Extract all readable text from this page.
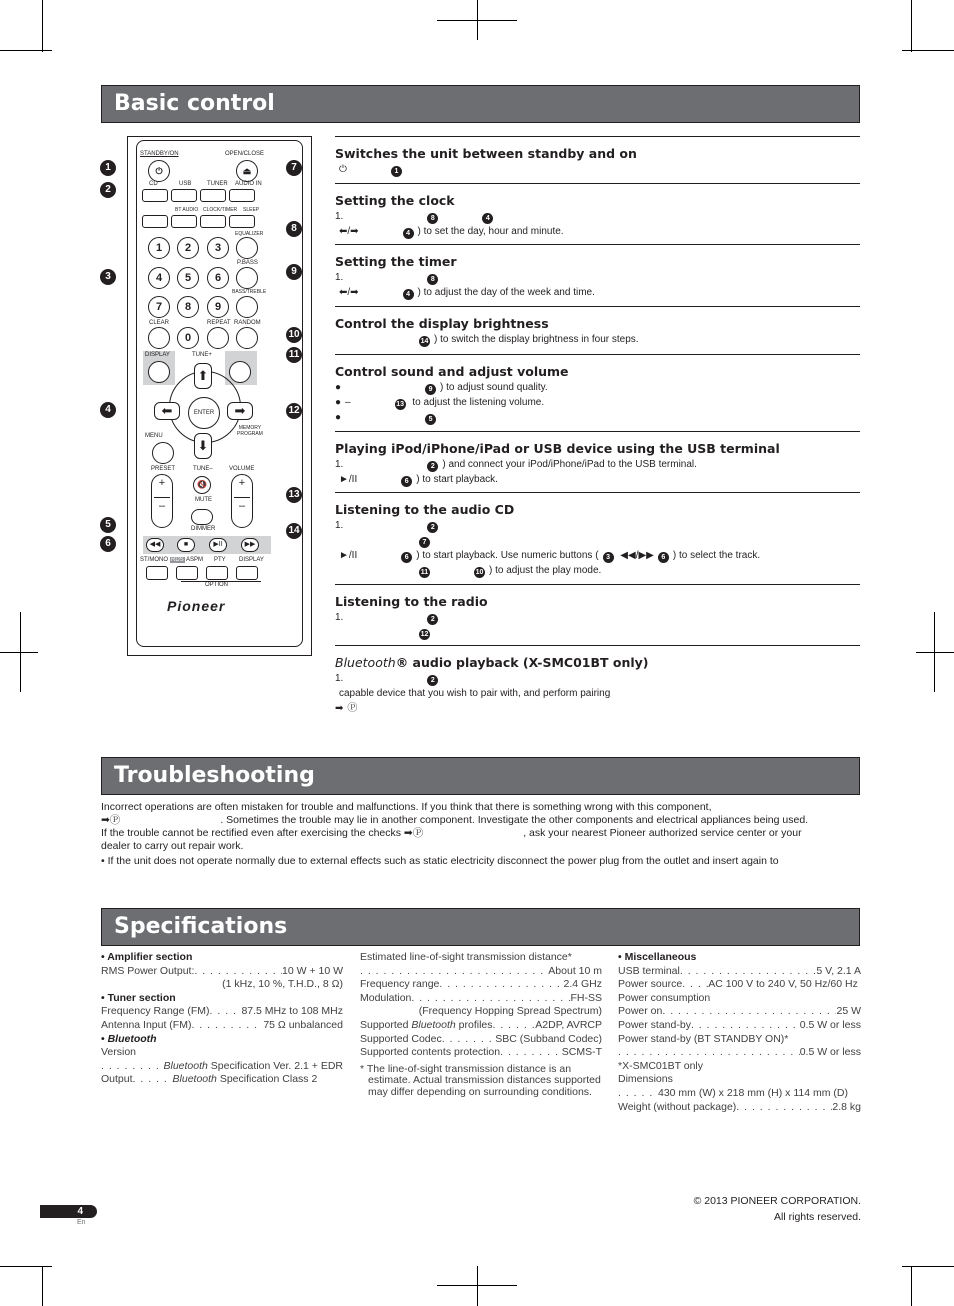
Basic control
STANDBY/ON	OPEN/CLOSE
⏻	⏏
CD	USB	TUNER AUDIO IN
BT AUDIO CLOCK/TIMER SLEEP
EQUALIZER
P.BASS
BASS/TREBLE
1	2	3
4	5	6
7	8	9
CLEAR	REPEAT RANDOM
0
DISPLAY	TUNE+
⬆
⬇
⬅	➡
ENTER
MENU
MEMORY
PROGRAM
PRESET	TUNE–	VOLUME
+
–
+
–
🔇
MUTE
DIMMER
◀◀	■	▶II	▶▶
ST/MONO RDS ASPM PTY DISPLAY
OPTION
Pioneer
1
2
3
4
5
6
7
8
9
10
11
12
13
14
Switches the unit between standby and on

⏻	1

Setting the clock

1.	8	4

⬅/➡	4 ) to set the day, hour and minute.

Setting the timer

1.	8

⬅/➡	4 ) to adjust the day of the week and time.

Control the display brightness

14 ) to switch the display brightness in four steps.

Control sound and adjust volume

●	9 ) to adjust sound quality.

● –	13 to adjust the listening volume.

●	5

Playing iPod/iPhone/iPad or USB device using the USB terminal

1.	2 ) and connect your iPod/iPhone/iPad to the USB terminal.

►/II	6 ) to start playback.

Listening to the audio CD

1.	2

7

►/II	6 ) to start playback. Use numeric buttons ( 3 ◀◀/▶▶ 6 ) to select the track.

11	10 ) to adjust the play mode.

Listening to the radio

1.	2

12

Bluetooth® audio playback (X-SMC01BT only)

1.	2

capable device that you wish to pair with, and perform pairing

➡ Ⓟ

Troubleshooting

Incorrect operations are often mistaken for trouble and malfunctions. If you think that there is something wrong with this component,

➡Ⓟ	. Sometimes the trouble may lie in another component. Investigate the other components and electrical appliances being used.

If the trouble cannot be rectified even after exercising the checks ➡Ⓟ	, ask your nearest Pioneer authorized service center or your

dealer to carry out repair work.

• If the unit does not operate normally due to external effects such as static electricity disconnect the power plug from the outlet and insert again to

Specifications
• Amplifier section
RMS Power Output: . . .	10 W + 10 W
(1 kHz, 10 %, T.H.D., 8 Ω)
• Tuner section
Frequency Range (FM) . . .	87.5 MHz to 108 MHz
Antenna Input (FM) . . .	75 Ω unbalanced
• Bluetooth
Version
. . .
Bluetooth Specification Ver. 2.1 + EDR
Output . . .	Bluetooth Specification Class 2
Estimated line-of-sight transmission distance*
. . .
About 10 m
Frequency range . . .	2.4 GHz
Modulation . . .	FH-SS
(Frequency Hopping Spread Spectrum)
Supported Bluetooth profiles . . .	A2DP, AVRCP
Supported Codec . . .	SBC (Subband Codec)
Supported contents protection . . .	SCMS-T
* The line-of-sight transmission distance is an estimate. Actual transmission distances supported may differ depending on surrounding conditions.
• Miscellaneous
USB terminal . . .	5 V, 2.1 A
Power source . . . AC 100 V to 240 V, 50 Hz/60 Hz
Power consumption
Power on . . .	25 W
Power stand-by . . .	0.5 W or less
Power stand-by (BT STANDBY ON)*
. . .
0.5 W or less
*X-SMC01BT only
Dimensions
. . .
430 mm (W) x 218 mm (H) x 114 mm (D)
Weight (without package) . . .	2.8 kg
© 2013 PIONEER CORPORATION.
All rights reserved.
4
En
